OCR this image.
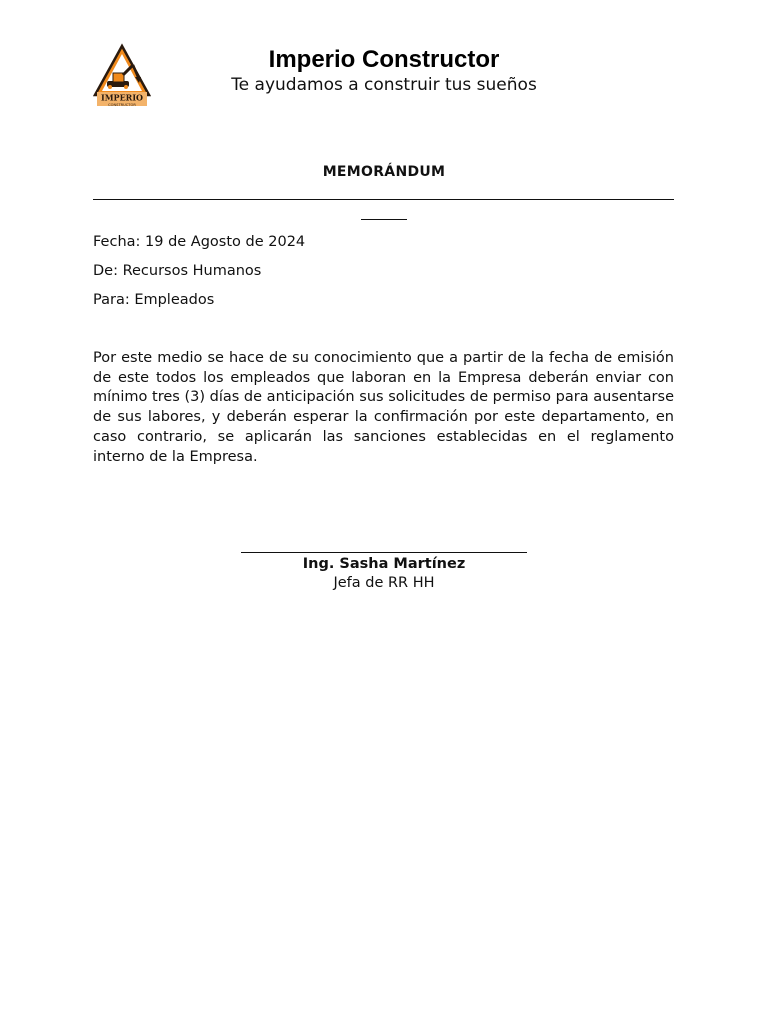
IMPERIO
CONSTRUCTOR
Imperio Constructor
Te ayudamos a construir tus sueños
MEMORÁNDUM
Fecha: 19 de Agosto de 2024
De: Recursos Humanos
Para: Empleados
Por este medio se hace de su conocimiento que a partir de la fecha de emisión de este todos los empleados que laboran en la Empresa deberán enviar con mínimo tres (3) días de anticipación sus solicitudes de permiso para ausentarse de sus labores, y deberán esperar la confirmación por este departamento, en caso contrario, se aplicarán las sanciones establecidas en el reglamento interno de la Empresa.
Ing. Sasha Martínez
Jefa de RR HH
